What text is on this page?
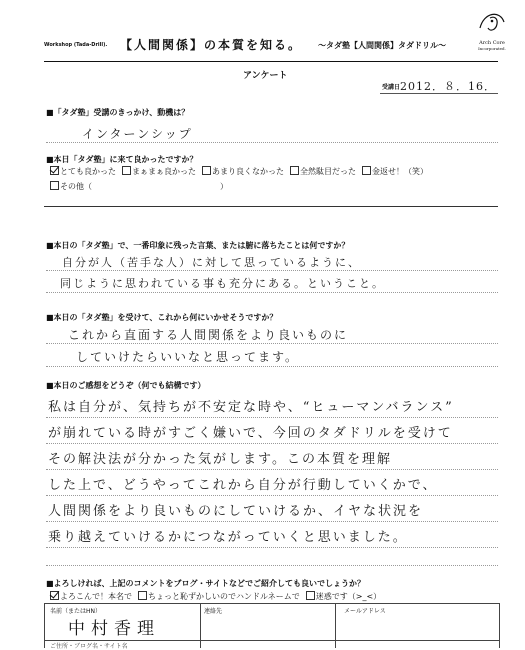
Workshop (Tada-Drill). 【人間関係】の本質を知る。 ～タダ塾【人間関係】タダドリル～	Arch Core
Incorporated.
アンケート
受講日 2012．８．16．
■「タダ塾」受講のきっかけ、動機は？
インターンシップ
■本日「タダ塾」に来て良かったですか？
とても良かった	まぁまぁ良かった	あまり良くなかった	全然駄目だった	金返せ！（笑）
その他（　　　　　　　　　　　　　　　　）
■本日の「タダ塾」で、一番印象に残った言葉、または腑に落ちたことは何ですか？
自分が人（苦手な人）に対して思っているように、
同じように思われている事も充分にある。ということ。
■本日の「タダ塾」を受けて、これから何にいかせそうですか？
これから直面する人間関係をより良いものに
していけたらいいなと思ってます。
■本日のご感想をどうぞ（何でも結構です）
私は自分が、気持ちが不安定な時や、“ヒューマンバランス”
が崩れている時がすごく嫌いで、今回のタダドリルを受けて
その解決法が分かった気がします。この本質を理解
した上で、どうやってこれから自分が行動していくかで、
人間関係をより良いものにしていけるか、イヤな状況を
乗り越えていけるかにつながっていくと思いました。
■よろしければ、上記のコメントをブログ・サイトなどでご紹介しても良いでしょうか？
よろこんで！本名で	ちょっと恥ずかしいのでハンドルネームで	迷惑です（>_<）
名前（またはHN）
中村香理
連絡先	メールアドレス
ご住所・ブログ名・サイト名
